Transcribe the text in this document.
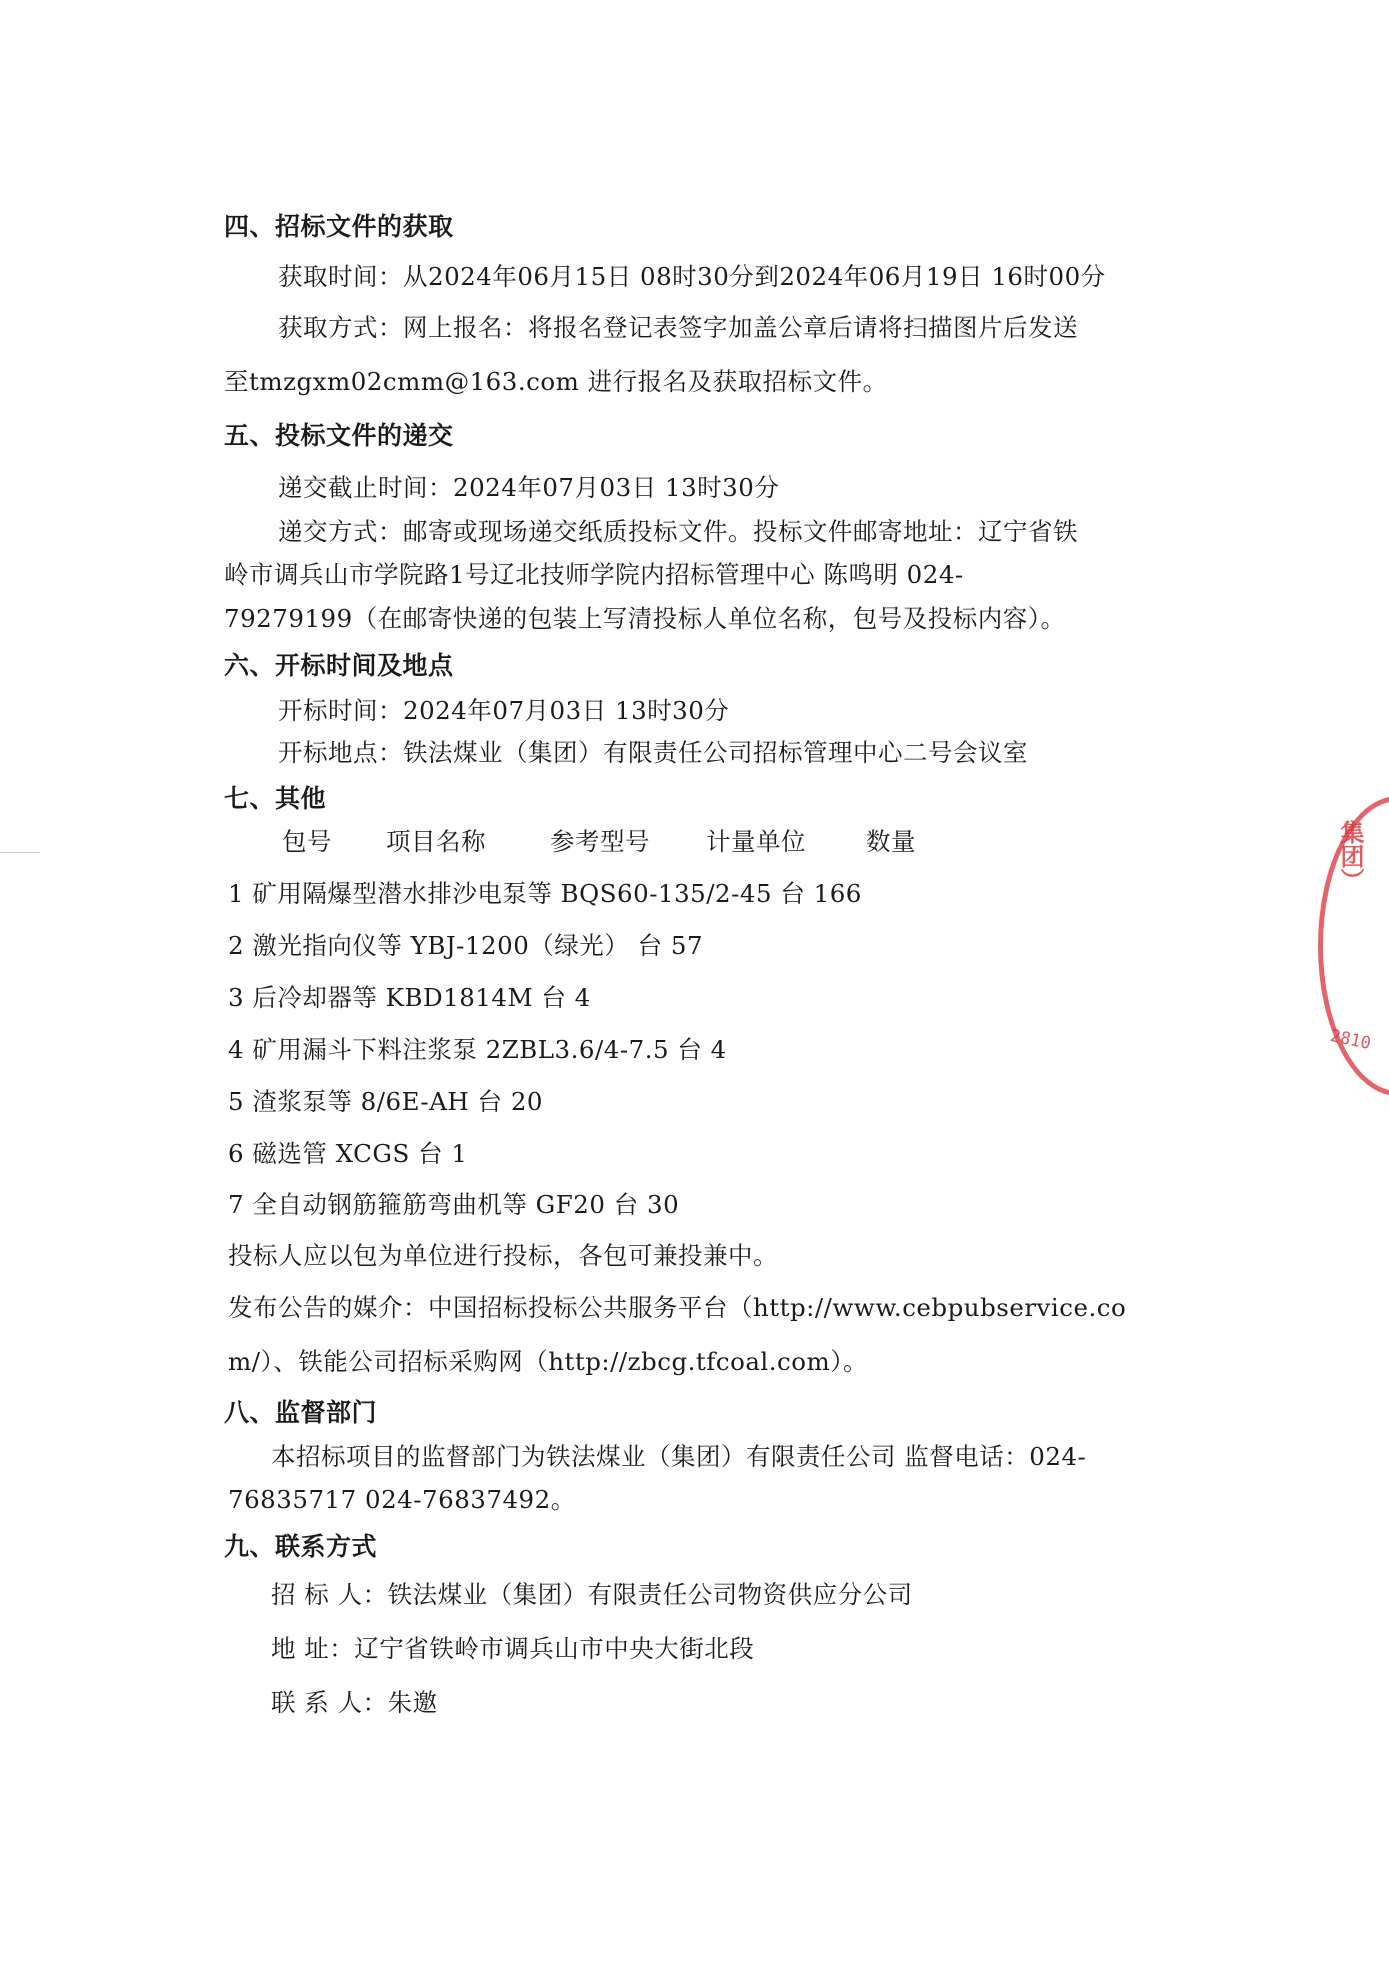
四、招标文件的获取
获取时间：从2024年06月15日 08时30分到2024年06月19日 16时00分
获取方式：网上报名：将报名登记表签字加盖公章后请将扫描图片后发送
至tmzgxm02cmm@163.com 进行报名及获取招标文件。
五、投标文件的递交
递交截止时间：2024年07月03日 13时30分
递交方式：邮寄或现场递交纸质投标文件。投标文件邮寄地址：辽宁省铁
岭市调兵山市学院路1号辽北技师学院内招标管理中心 陈鸣明 024-
79279199（在邮寄快递的包装上写清投标人单位名称，包号及投标内容）。
六、开标时间及地点
开标时间：2024年07月03日 13时30分
开标地点：铁法煤业（集团）有限责任公司招标管理中心二号会议室
七、其他
包号 项目名称	参考型号 计量单位 数量
1 矿用隔爆型潜水排沙电泵等 BQS60-135/2-45 台 166
2 激光指向仪等 YBJ-1200（绿光） 台 57
3 后冷却器等 KBD1814M 台 4
4 矿用漏斗下料注浆泵 2ZBL3.6/4-7.5 台 4
5 渣浆泵等 8/6E-AH 台 20
6 磁选管 XCGS 台 1
7 全自动钢筋箍筋弯曲机等 GF20 台 30
投标人应以包为单位进行投标，各包可兼投兼中。
发布公告的媒介：中国招标投标公共服务平台（http://www.cebpubservice.co
m/）、铁能公司招标采购网（http://zbcg.tfcoal.com）。
八、监督部门
本招标项目的监督部门为铁法煤业（集团）有限责任公司 监督电话：024-
76835717 024-76837492。
九、联系方式
招 标 人：铁法煤业（集团）有限责任公司物资供应分公司
地 址：辽宁省铁岭市调兵山市中央大街北段
联 系 人：朱邀
集团）
2810
